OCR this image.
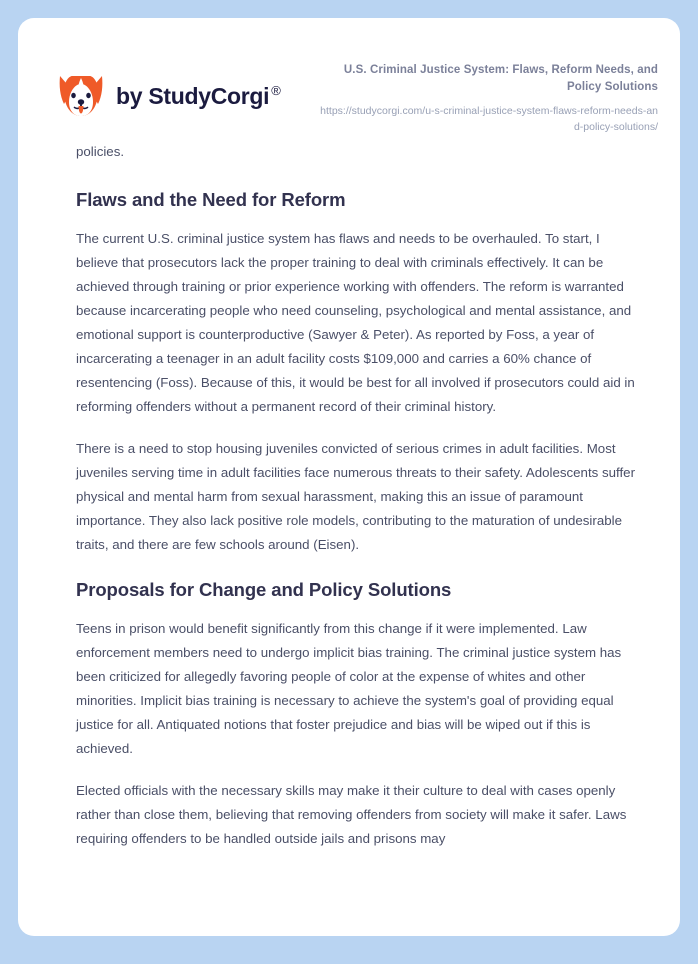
by StudyCorgi ®
U.S. Criminal Justice System: Flaws, Reform Needs, and Policy Solutions
https://studycorgi.com/u-s-criminal-justice-system-flaws-reform-needs-and-policy-solutions/

policies.

Flaws and the Need for Reform

The current U.S. criminal justice system has flaws and needs to be overhauled. To start, I believe that prosecutors lack the proper training to deal with criminals effectively. It can be achieved through training or prior experience working with offenders. The reform is warranted because incarcerating people who need counseling, psychological and mental assistance, and emotional support is counterproductive (Sawyer & Peter). As reported by Foss, a year of incarcerating a teenager in an adult facility costs $109,000 and carries a 60% chance of resentencing (Foss). Because of this, it would be best for all involved if prosecutors could aid in reforming offenders without a permanent record of their criminal history.

There is a need to stop housing juveniles convicted of serious crimes in adult facilities. Most juveniles serving time in adult facilities face numerous threats to their safety. Adolescents suffer physical and mental harm from sexual harassment, making this an issue of paramount importance. They also lack positive role models, contributing to the maturation of undesirable traits, and there are few schools around (Eisen).

Proposals for Change and Policy Solutions

Teens in prison would benefit significantly from this change if it were implemented. Law enforcement members need to undergo implicit bias training. The criminal justice system has been criticized for allegedly favoring people of color at the expense of whites and other minorities. Implicit bias training is necessary to achieve the system's goal of providing equal justice for all. Antiquated notions that foster prejudice and bias will be wiped out if this is achieved.

Elected officials with the necessary skills may make it their culture to deal with cases openly rather than close them, believing that removing offenders from society will make it safer. Laws requiring offenders to be handled outside jails and prisons may
